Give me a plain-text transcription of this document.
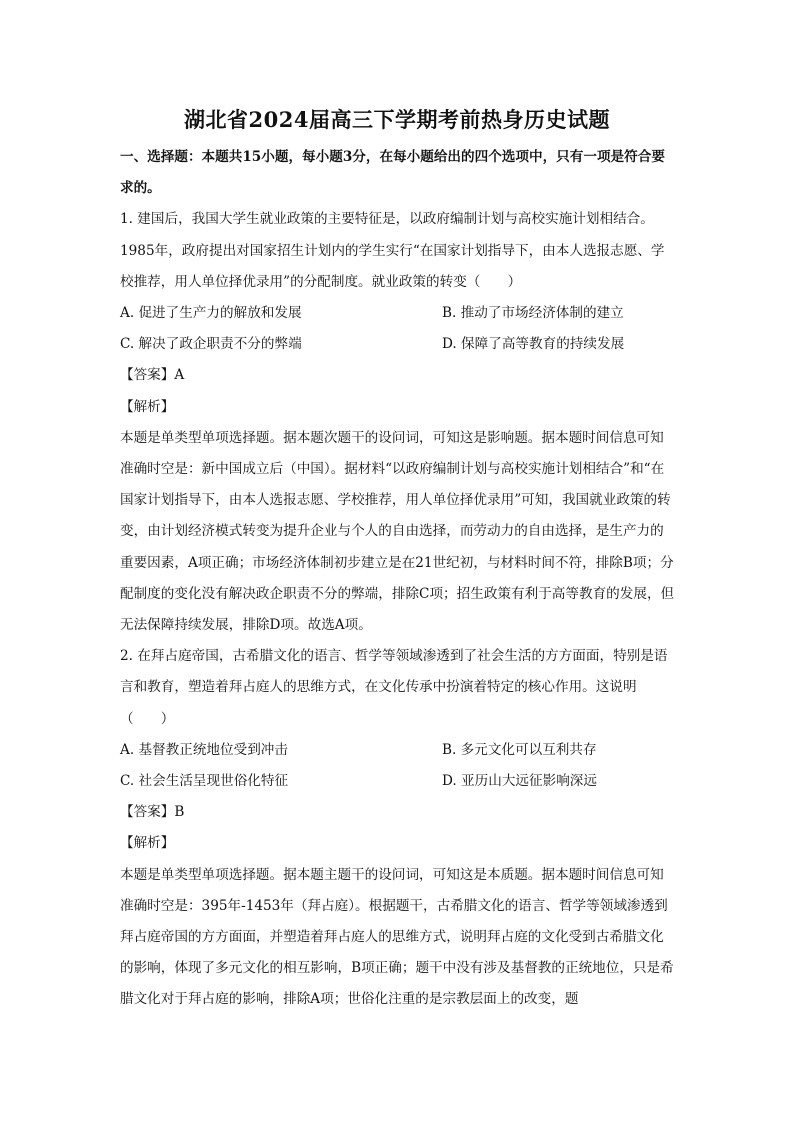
湖北省2024届高三下学期考前热身历史试题

一、选择题：本题共15小题，每小题3分，在每小题给出的四个选项中，只有一项是符合要求的。

1. 建国后，我国大学生就业政策的主要特征是，以政府编制计划与高校实施计划相结合。1985年，政府提出对国家招生计划内的学生实行“在国家计划指导下，由本人选报志愿、学校推荐，用人单位择优录用”的分配制度。就业政策的转变（　　）

A. 促进了生产力的解放和发展	B. 推动了市场经济体制的建立
C. 解决了政企职责不分的弊端	D. 保障了高等教育的持续发展

【答案】A

【解析】

本题是单类型单项选择题。据本题次题干的设问词，可知这是影响题。据本题时间信息可知准确时空是：新中国成立后（中国）。据材料“以政府编制计划与高校实施计划相结合”和“在国家计划指导下，由本人选报志愿、学校推荐，用人单位择优录用”可知，我国就业政策的转变，由计划经济模式转变为提升企业与个人的自由选择，而劳动力的自由选择，是生产力的重要因素，A项正确；市场经济体制初步建立是在21世纪初，与材料时间不符，排除B项；分配制度的变化没有解决政企职责不分的弊端，排除C项；招生政策有利于高等教育的发展，但无法保障持续发展，排除D项。故选A项。

2. 在拜占庭帝国，古希腊文化的语言、哲学等领域渗透到了社会生活的方方面面，特别是语言和教育，塑造着拜占庭人的思维方式，在文化传承中扮演着特定的核心作用。这说明（　　）

A. 基督教正统地位受到冲击	B. 多元文化可以互利共存
C. 社会生活呈现世俗化特征	D. 亚历山大远征影响深远

【答案】B

【解析】

本题是单类型单项选择题。据本题主题干的设问词，可知这是本质题。据本题时间信息可知准确时空是：395年-1453年（拜占庭）。根据题干，古希腊文化的语言、哲学等领域渗透到拜占庭帝国的方方面面，并塑造着拜占庭人的思维方式，说明拜占庭的文化受到古希腊文化的影响，体现了多元文化的相互影响，B项正确；题干中没有涉及基督教的正统地位，只是希腊文化对于拜占庭的影响，排除A项；世俗化注重的是宗教层面上的改变，题
